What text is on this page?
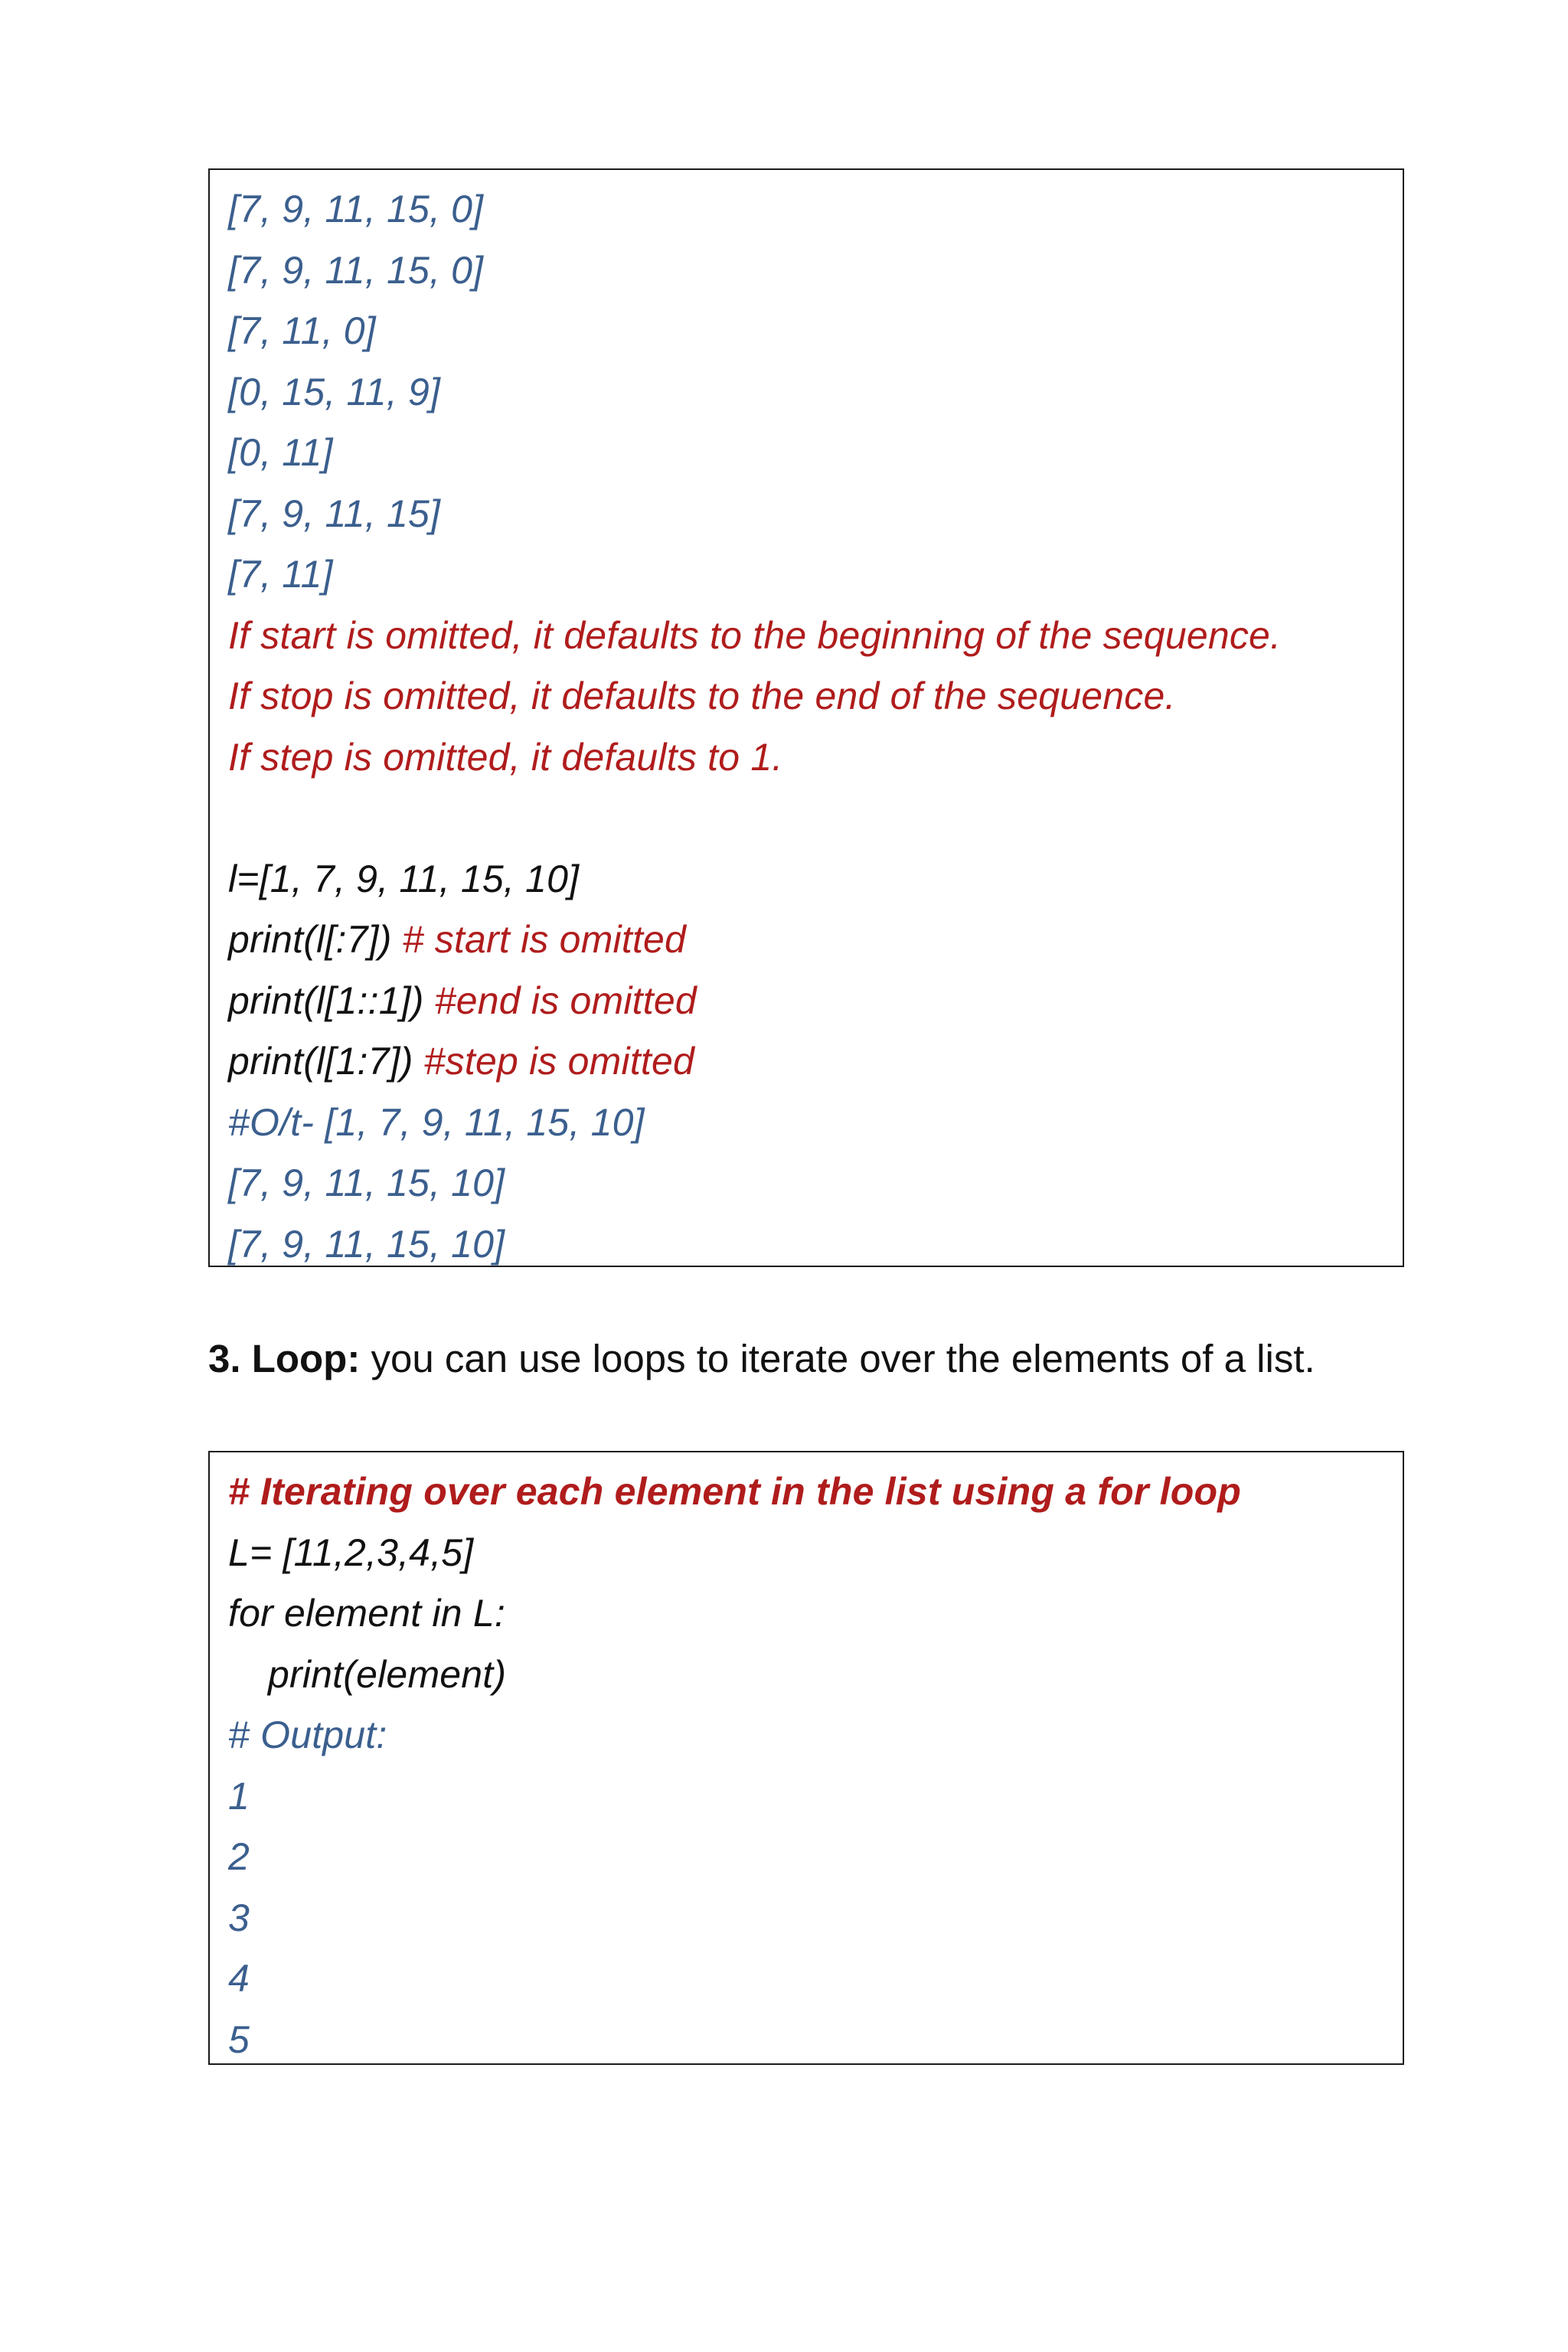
[7, 9, 11, 15, 0]
[7, 9, 11, 15, 0]
[7, 11, 0]
[0, 15, 11, 9]
[0, 11]
[7, 9, 11, 15]
[7, 11]
If start is omitted, it defaults to the beginning of the sequence.
If stop is omitted, it defaults to the end of the sequence.
If step is omitted, it defaults to 1.
l=[1, 7, 9, 11, 15, 10]
print(l[:7]) # start is omitted
print(l[1::1]) #end is omitted
print(l[1:7]) #step is omitted
#O/t- [1, 7, 9, 11, 15, 10]
[7, 9, 11, 15, 10]
[7, 9, 11, 15, 10]
3. Loop: you can use loops to iterate over the elements of a list.
# Iterating over each element in the list using a for loop
L= [11,2,3,4,5]
for element in L:
print(element)
# Output:
1
2
3
4
5
